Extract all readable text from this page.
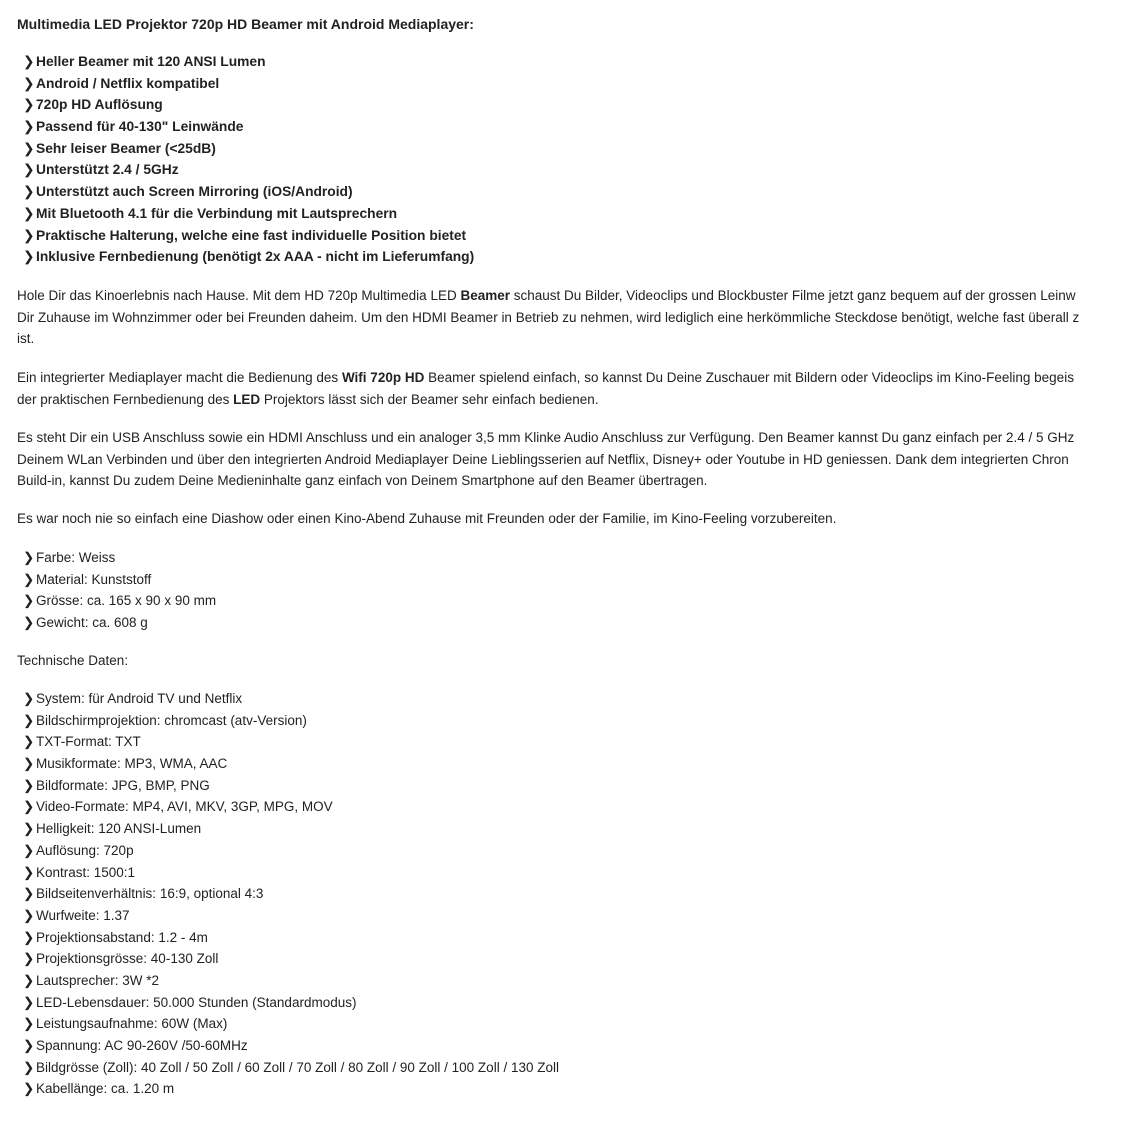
Multimedia LED Projektor 720p HD Beamer mit Android Mediaplayer:

❯Heller Beamer mit 120 ANSI Lumen
❯Android / Netflix kompatibel
❯720p HD Auflösung
❯Passend für 40-130" Leinwände
❯Sehr leiser Beamer (<25dB)
❯Unterstützt 2.4 / 5GHz
❯Unterstützt auch Screen Mirroring (iOS/Android)
❯Mit Bluetooth 4.1 für die Verbindung mit Lautsprechern
❯Praktische Halterung, welche eine fast individuelle Position bietet
❯Inklusive Fernbedienung (benötigt 2x AAA - nicht im Lieferumfang)

Hole Dir das Kinoerlebnis nach Hause. Mit dem HD 720p Multimedia LED Beamer schaust Du Bilder, Videoclips und Blockbuster Filme jetzt ganz bequem auf der grossen Leinw
Dir Zuhause im Wohnzimmer oder bei Freunden daheim. Um den HDMI Beamer in Betrieb zu nehmen, wird lediglich eine herkömmliche Steckdose benötigt, welche fast überall z
ist.

Ein integrierter Mediaplayer macht die Bedienung des Wifi 720p HD Beamer spielend einfach, so kannst Du Deine Zuschauer mit Bildern oder Videoclips im Kino-Feeling begeis
der praktischen Fernbedienung des LED Projektors lässt sich der Beamer sehr einfach bedienen.

Es steht Dir ein USB Anschluss sowie ein HDMI Anschluss und ein analoger 3,5 mm Klinke Audio Anschluss zur Verfügung. Den Beamer kannst Du ganz einfach per 2.4 / 5 GHz
Deinem WLan Verbinden und über den integrierten Android Mediaplayer Deine Lieblingsserien auf Netflix, Disney+ oder Youtube in HD geniessen. Dank dem integrierten Chron
Build-in, kannst Du zudem Deine Medieninhalte ganz einfach von Deinem Smartphone auf den Beamer übertragen.

Es war noch nie so einfach eine Diashow oder einen Kino-Abend Zuhause mit Freunden oder der Familie, im Kino-Feeling vorzubereiten.

❯ Farbe: Weiss
❯ Material: Kunststoff
❯ Grösse: ca. 165 x 90 x 90 mm
❯ Gewicht: ca. 608 g

Technische Daten:

❯ System: für Android TV und Netflix
❯ Bildschirmprojektion: chromcast (atv-Version)
❯ TXT-Format: TXT
❯ Musikformate: MP3, WMA, AAC
❯ Bildformate: JPG, BMP, PNG
❯ Video-Formate: MP4, AVI, MKV, 3GP, MPG, MOV
❯ Helligkeit: 120 ANSI-Lumen
❯ Auflösung: 720p
❯ Kontrast: 1500:1
❯ Bildseitenverhältnis: 16:9, optional 4:3
❯ Wurfweite: 1.37
❯ Projektionsabstand: 1.2 - 4m
❯ Projektionsgrösse: 40-130 Zoll
❯ Lautsprecher: 3W *2
❯ LED-Lebensdauer: 50.000 Stunden (Standardmodus)
❯ Leistungsaufnahme: 60W (Max)
❯ Spannung: AC 90-260V /50-60MHz
❯ Bildgrösse (Zoll): 40 Zoll / 50 Zoll / 60 Zoll / 70 Zoll / 80 Zoll / 90 Zoll / 100 Zoll / 130 Zoll
❯ Kabellänge: ca. 1.20 m
